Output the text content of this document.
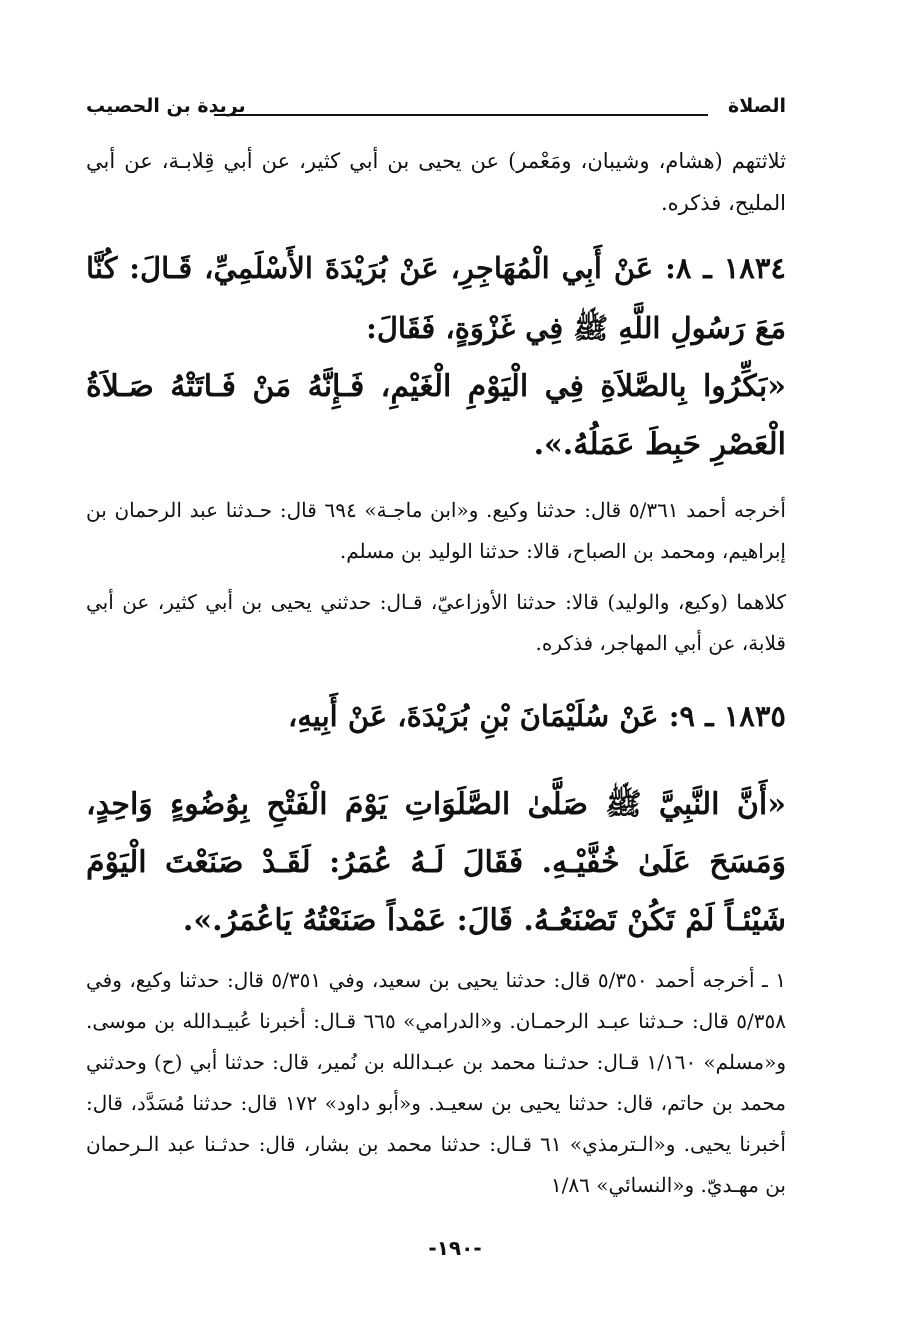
الصلاة
بريدة بن الحصيب

ثلاثتهم (هشام، وشيبان، ومَعْمر) عن يحيى بن أبي كثير، عن أبي قِلابـة، عن أبي المليح، فذكره.

١٨٣٤ ـ ٨: عَنْ أَبِي الْمُهَاجِرِ، عَنْ بُرَيْدَةَ الأَسْلَمِيِّ، قَـالَ: كُنَّا مَعَ رَسُولِ اللَّهِ ﷺ فِي غَزْوَةٍ، فَقَالَ:

«بَكِّرُوا بِالصَّلاَةِ فِي الْيَوْمِ الْغَيْمِ، فَـإِنَّهُ مَنْ فَـاتَتْهُ صَـلاَةُ الْعَصْرِ حَبِطَ عَمَلُهُ.».

أخرجه أحمد ٥/٣٦١ قال: حدثنا وكيع. و«ابن ماجـة» ٦٩٤ قال: حـدثنا عبد الرحمان بن إبراهيم، ومحمد بن الصباح، قالا: حدثنا الوليد بن مسلم.

كلاهما (وكيع، والوليد) قالا: حدثنا الأوزاعيّ، قـال: حدثني يحيى بن أبي كثير، عن أبي قلابة، عن أبي المهاجر، فذكره.

١٨٣٥ ـ ٩: عَنْ سُلَيْمَانَ بْنِ بُرَيْدَةَ، عَنْ أَبِيهِ،

«أَنَّ النَّبِيَّ ﷺ صَلَّىٰ الصَّلَوَاتِ يَوْمَ الْفَتْحِ بِوُضُوءٍ وَاحِدٍ، وَمَسَحَ عَلَىٰ خُفَّيْـهِ. فَقَالَ لَـهُ عُمَرُ: لَقَـدْ صَنَعْتَ الْيَوْمَ شَيْئـاً لَمْ تَكُنْ تَصْنَعُـهُ. قَالَ: عَمْداً صَنَعْتُهُ يَاعُمَرُ.».

١ ـ أخرجه أحمد ٥/٣٥٠ قال: حدثنا يحيى بن سعيد، وفي ٥/٣٥١ قال: حدثنا وكيع، وفي ٥/٣٥٨ قال: حـدثنا عبـد الرحمـان. و«الدرامي» ٦٦٥ قـال: أخبرنا عُبيـدالله بن موسى. و«مسلم» ١/١٦٠ قـال: حدثـنا محمد بن عبـدالله بن نُمير، قال: حدثنا أبي (ح) وحدثني محمد بن حاتم، قال: حدثنا يحيى بن سعيـد. و«أبو داود» ١٧٢ قال: حدثنا مُسَدَّد، قال: أخبرنا يحيى. و«الـترمذي» ٦١ قـال: حدثنا محمد بن بشار، قال: حدثـنا عبد الـرحمان بن مهـديّ. و«النسائي» ١/٨٦

-١٩٠-
